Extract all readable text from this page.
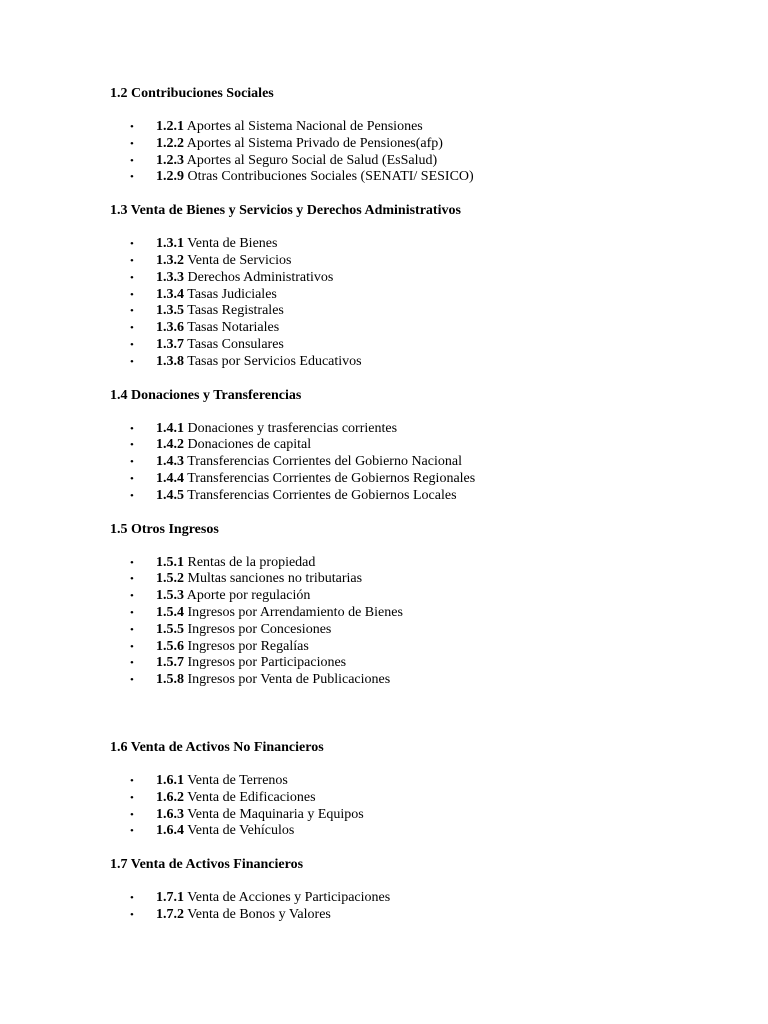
1.2 Contribuciones Sociales

• 1.2.1 Aportes al Sistema Nacional de Pensiones
• 1.2.2 Aportes al Sistema Privado de Pensiones(afp)
• 1.2.3 Aportes al Seguro Social de Salud (EsSalud)
• 1.2.9 Otras Contribuciones Sociales (SENATI/ SESICO)

1.3 Venta de Bienes y Servicios y Derechos Administrativos

• 1.3.1 Venta de Bienes
• 1.3.2 Venta de Servicios
• 1.3.3 Derechos Administrativos
• 1.3.4 Tasas Judiciales
• 1.3.5 Tasas Registrales
• 1.3.6 Tasas Notariales
• 1.3.7 Tasas Consulares
• 1.3.8 Tasas por Servicios Educativos

1.4 Donaciones y Transferencias

• 1.4.1 Donaciones y trasferencias corrientes
• 1.4.2 Donaciones de capital
• 1.4.3 Transferencias Corrientes del Gobierno Nacional
• 1.4.4 Transferencias Corrientes de Gobiernos Regionales
• 1.4.5 Transferencias Corrientes de Gobiernos Locales

1.5 Otros Ingresos

• 1.5.1 Rentas de la propiedad
• 1.5.2 Multas sanciones no tributarias
• 1.5.3 Aporte por regulación
• 1.5.4 Ingresos por Arrendamiento de Bienes
• 1.5.5 Ingresos por Concesiones
• 1.5.6 Ingresos por Regalías
• 1.5.7 Ingresos por Participaciones
• 1.5.8 Ingresos por Venta de Publicaciones

1.6 Venta de Activos No Financieros

• 1.6.1 Venta de Terrenos
• 1.6.2 Venta de Edificaciones
• 1.6.3 Venta de Maquinaria y Equipos
• 1.6.4 Venta de Vehículos

1.7 Venta de Activos Financieros

• 1.7.1 Venta de Acciones y Participaciones
• 1.7.2 Venta de Bonos y Valores
